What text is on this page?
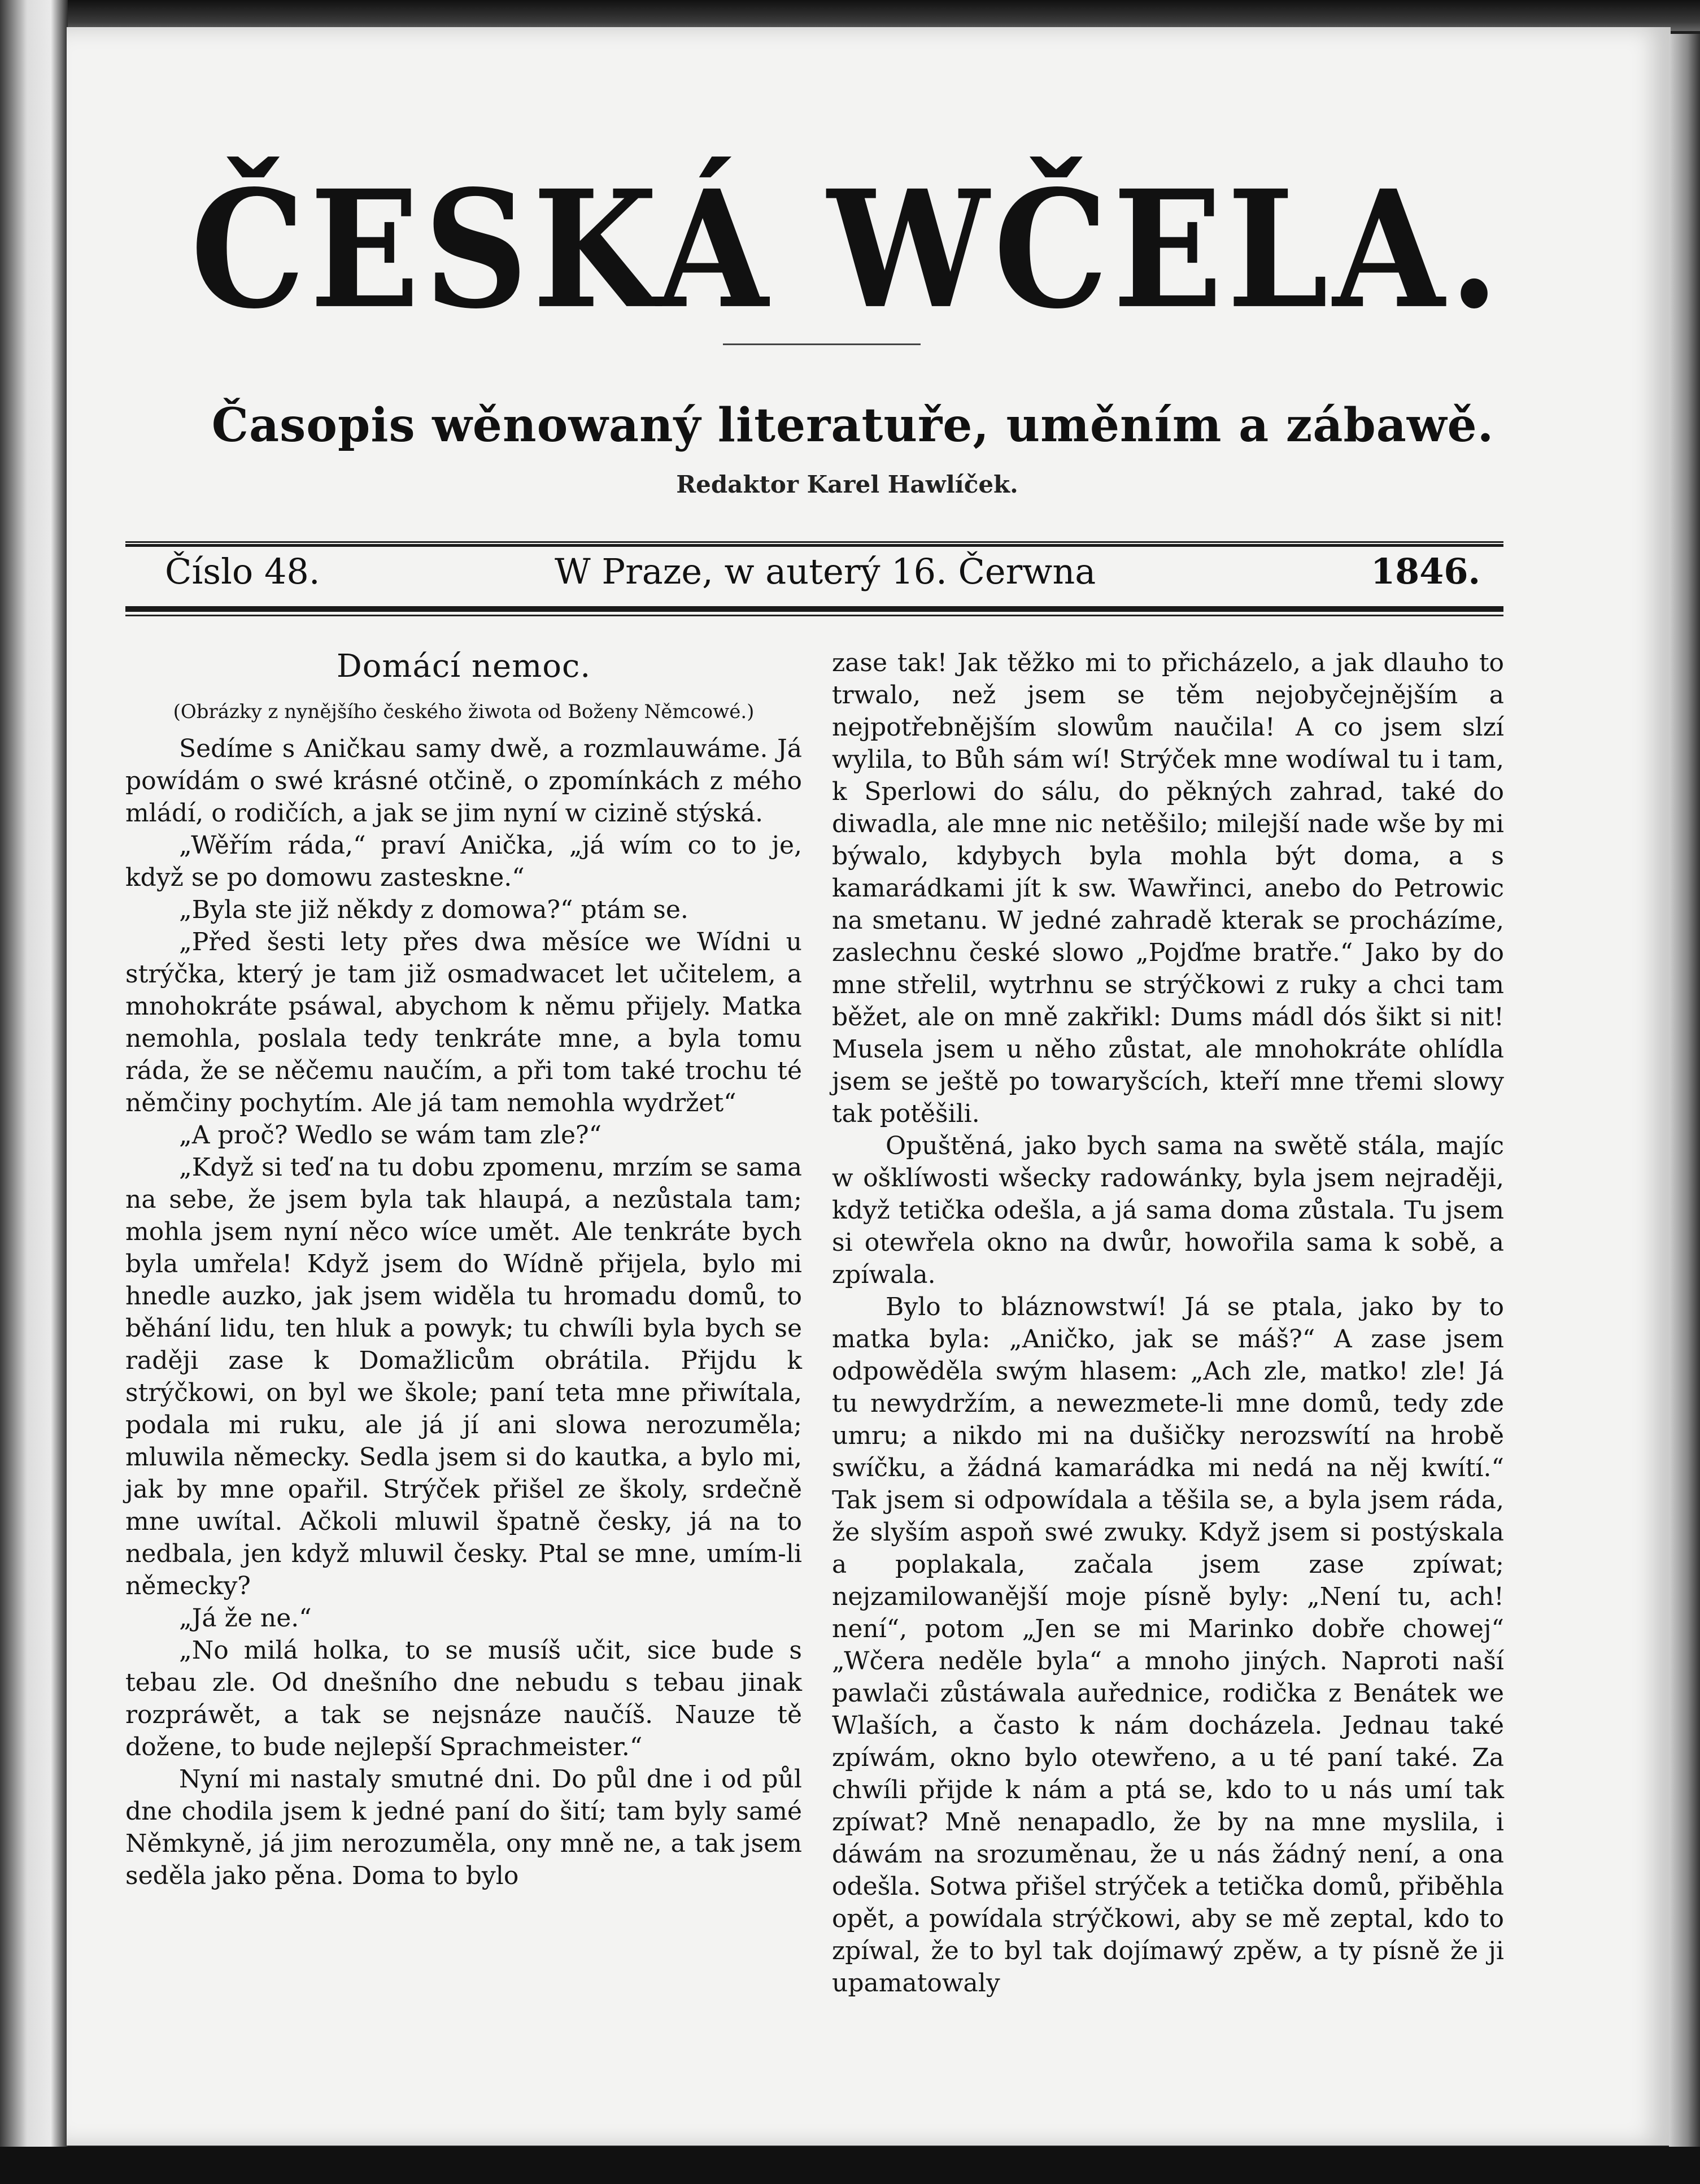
ČESKÁ WČELA.
Časopis wěnowaný literatuře, uměním a zábawě.
Redaktor Karel Hawlíček.
Číslo 48.	W Praze, w auterý 16. Čerwna	1846.

Domácí nemoc.

(Obrázky z nynějšího českého žiwota od Boženy Němcowé.)

Sedíme s Aničkau samy dwě, a rozmlauwáme. Já powídám o swé krásné otčině, o zpomínkách z mého mládí, o rodičích, a jak se jim nyní w cizině stýská.

„Wěřím ráda,“ praví Anička, „já wím co to je, když se po domowu zasteskne.“

„Byla ste již někdy z domowa?“ ptám se.

„Před šesti lety přes dwa měsíce we Wídni u strýčka, který je tam již osmadwacet let učitelem, a mnohokráte psáwal, abychom k němu přijely. Matka nemohla, poslala tedy tenkráte mne, a byla tomu ráda, že se něčemu naučím, a při tom také trochu té němčiny pochytím. Ale já tam nemohla wydržet“

„A proč? Wedlo se wám tam zle?“

„Když si teď na tu dobu zpomenu, mrzím se sama na sebe, že jsem byla tak hlaupá, a nezůstala tam; mohla jsem nyní něco wíce umět. Ale tenkráte bych byla umřela! Když jsem do Wídně přijela, bylo mi hnedle auzko, jak jsem widěla tu hromadu domů, to běhání lidu, ten hluk a powyk; tu chwíli byla bych se raději zase k Domažlicům obrátila. Přijdu k strýčkowi, on byl we škole; paní teta mne přiwítala, podala mi ruku, ale já jí ani slowa nerozuměla; mluwila německy. Sedla jsem si do kautka, a bylo mi, jak by mne opařil. Strýček přišel ze školy, srdečně mne uwítal. Ačkoli mluwil špatně česky, já na to nedbala, jen když mluwil česky. Ptal se mne, umím-li německy?

„Já že ne.“

„No milá holka, to se musíš učit, sice bude s tebau zle. Od dnešního dne nebudu s tebau jinak rozpráwět, a tak se nejsnáze naučíš. Nauze tě dožene, to bude nejlepší Sprachmeister.“

Nyní mi nastaly smutné dni. Do půl dne i od půl dne chodila jsem k jedné paní do šití; tam byly samé Němkyně, já jim nerozuměla, ony mně ne, a tak jsem seděla jako pěna. Doma to bylo

zase tak! Jak těžko mi to přicházelo, a jak dlauho to trwalo, než jsem se těm nejobyčejnějším a nejpotřebnějším slowům naučila! A co jsem slzí wylila, to Bůh sám wí! Strýček mne wodíwal tu i tam, k Sperlowi do sálu, do pěkných zahrad, také do diwadla, ale mne nic netěšilo; milejší nade wše by mi býwalo, kdybych byla mohla být doma, a s kamarádkami jít k sw. Wawřinci, anebo do Petrowic na smetanu. W jedné zahradě kterak se procházíme, zaslechnu české slowo „Pojďme bratře.“ Jako by do mne střelil, wytrhnu se strýčkowi z ruky a chci tam běžet, ale on mně zakřikl: Dums mádl dós šikt si nit! Musela jsem u něho zůstat, ale mnohokráte ohlídla jsem se ještě po towaryšcích, kteří mne třemi slowy tak potěšili.

Opuštěná, jako bych sama na swětě stála, majíc w ošklíwosti wšecky radowánky, byla jsem nejraději, když tetička odešla, a já sama doma zůstala. Tu jsem si otewřela okno na dwůr, howořila sama k sobě, a zpíwala.

Bylo to bláznowstwí! Já se ptala, jako by to matka byla: „Aničko, jak se máš?“ A zase jsem odpowěděla swým hlasem: „Ach zle, matko! zle! Já tu newydržím, a newezmete-li mne domů, tedy zde umru; a nikdo mi na dušičky nerozswítí na hrobě swíčku, a žádná kamarádka mi nedá na něj kwítí.“ Tak jsem si odpowídala a těšila se, a byla jsem ráda, že slyším aspoň swé zwuky. Když jsem si postýskala a poplakala, začala jsem zase zpíwat; nejzamilowanější moje písně byly: „Není tu, ach! není“, potom „Jen se mi Marinko dobře chowej“ „Wčera neděle byla“ a mnoho jiných. Naproti naší pawlači zůstáwala auřednice, rodička z Benátek we Wlaších, a často k nám docházela. Jednau také zpíwám, okno bylo otewřeno, a u té paní také. Za chwíli přijde k nám a ptá se, kdo to u nás umí tak zpíwat? Mně nenapadlo, že by na mne myslila, i dáwám na srozuměnau, že u nás žádný není, a ona odešla. Sotwa přišel strýček a tetička domů, přiběhla opět, a powídala strýčkowi, aby se mě zeptal, kdo to zpíwal, že to byl tak dojímawý zpěw, a ty písně že ji upamatowaly
